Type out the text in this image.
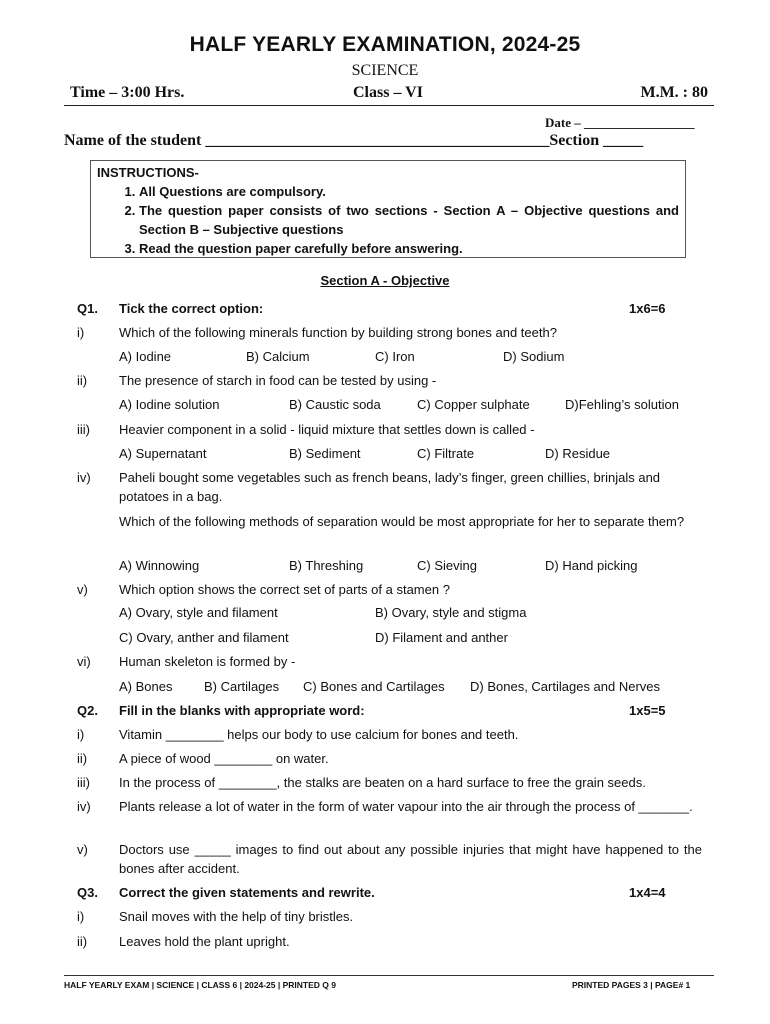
HALF YEARLY EXAMINATION, 2024-25
SCIENCE
Time – 3:00 Hrs.	Class – VI	M.M. : 80
Date – _________________
Name of the student ___________________________________________Section _____
INSTRUCTIONS-
1. All Questions are compulsory.
2. The question paper consists of two sections - Section A – Objective questions and Section B – Subjective questions
3. Read the question paper carefully before answering.
Section A - Objective
Q1. Tick the correct option:	1x6=6
i)	Which of the following minerals function by building strong bones and teeth?
A) Iodine	B) Calcium	C) Iron	D) Sodium
ii) The presence of starch in food can be tested by using -
A) Iodine solution	B) Caustic soda	C) Copper sulphate	D)Fehling’s solution
iii) Heavier component in a solid - liquid mixture that settles down is called -
A) Supernatant	B) Sediment	C) Filtrate	D) Residue
iv) Paheli bought some vegetables such as french beans, lady’s finger, green chillies, brinjals and potatoes in a bag.
Which of the following methods of separation would be most appropriate for her to separate them?
A) Winnowing	B) Threshing	C) Sieving	D) Hand picking
v) Which option shows the correct set of parts of a stamen ?
A) Ovary, style and filament	B) Ovary, style and stigma
C) Ovary, anther and filament	D) Filament and anther
vi) Human skeleton is formed by -
A) Bones B) Cartilages C) Bones and Cartilages D) Bones, Cartilages and Nerves
Q2. Fill in the blanks with appropriate word:	1x5=5
i)	Vitamin ________ helps our body to use calcium for bones and teeth.
ii) A piece of wood ________ on water.
iii) In the process of ________, the stalks are beaten on a hard surface to free the grain seeds.
iv) Plants release a lot of water in the form of water vapour into the air through the process of _______.
v) Doctors use _____ images to find out about any possible injuries that might have happened to the bones after accident.
Q3. Correct the given statements and rewrite.	1x4=4
i)	Snail moves with the help of tiny bristles.
ii) Leaves hold the plant upright.
HALF YEARLY EXAM | SCIENCE | CLASS 6 | 2024-25 | PRINTED Q 9	PRINTED PAGES 3 | PAGE# 1
